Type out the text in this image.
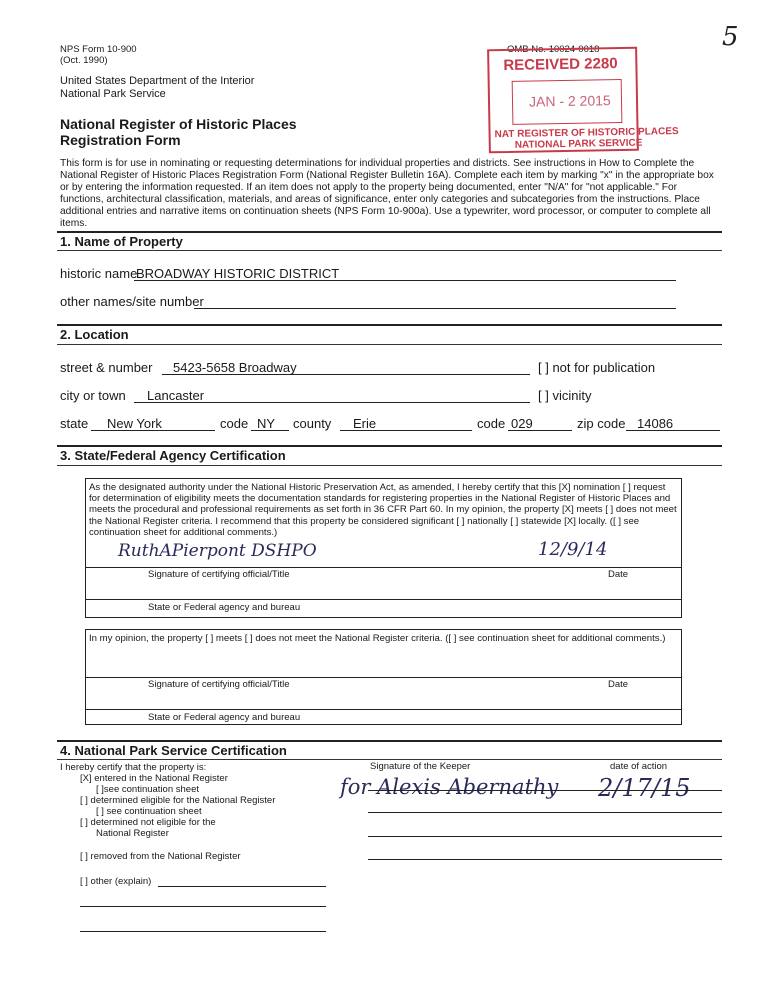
5
NPS Form 10-900
(Oct. 1990)
United States Department of the Interior
National Park Service
National Register of Historic Places
Registration Form
OMB No. 10024-0018
RECEIVED 2280
JAN - 2 2015
NAT REGISTER OF HISTORIC PLACES
NATIONAL PARK SERVICE
This form is for use in nominating or requesting determinations for individual properties and districts. See instructions in How to Complete the National Register of Historic Places Registration Form (National Register Bulletin 16A). Complete each item by marking "x" in the appropriate box or by entering the information requested. If an item does not apply to the property being documented, enter "N/A" for "not applicable." For functions, architectural classification, materials, and areas of significance, enter only categories and subcategories from the instructions. Place additional entries and narrative items on continuation sheets (NPS Form 10-900a). Use a typewriter, word processor, or computer to complete all items.
1. Name of Property
historic name
BROADWAY HISTORIC DISTRICT
other names/site number
2. Location
street & number 5423-5658 Broadway	[ ] not for publication
city or town Lancaster	[ ] vicinity
state New York	code NY county Erie	code 029	zip code 14086
3. State/Federal Agency Certification
As the designated authority under the National Historic Preservation Act, as amended, I hereby certify that this [X] nomination [ ] request for determination of eligibility meets the documentation standards for registering properties in the National Register of Historic Places and meets the procedural and professional requirements as set forth in 36 CFR Part 60. In my opinion, the property [X] meets [ ] does not meet the National Register criteria. I recommend that this property be considered significant [ ] nationally [ ] statewide [X] locally. ([ ] see continuation sheet for additional comments.)
RuthAPierpont DSHPO	12/9/14
Signature of certifying official/Title	Date
State or Federal agency and bureau
In my opinion, the property [ ] meets [ ] does not meet the National Register criteria. ([ ] see continuation sheet for additional comments.)
Signature of certifying official/Title	Date
State or Federal agency and bureau
4. National Park Service Certification
I hereby certify that the property is:
[X] entered in the National Register
[ ]see continuation sheet
[ ] determined eligible for the National Register
[ ] see continuation sheet
[ ] determined not eligible for the
National Register
[ ] removed from the National Register
[ ] other (explain)
Signature of the Keeper	date of action
for Alexis Abernathy 2/17/15
